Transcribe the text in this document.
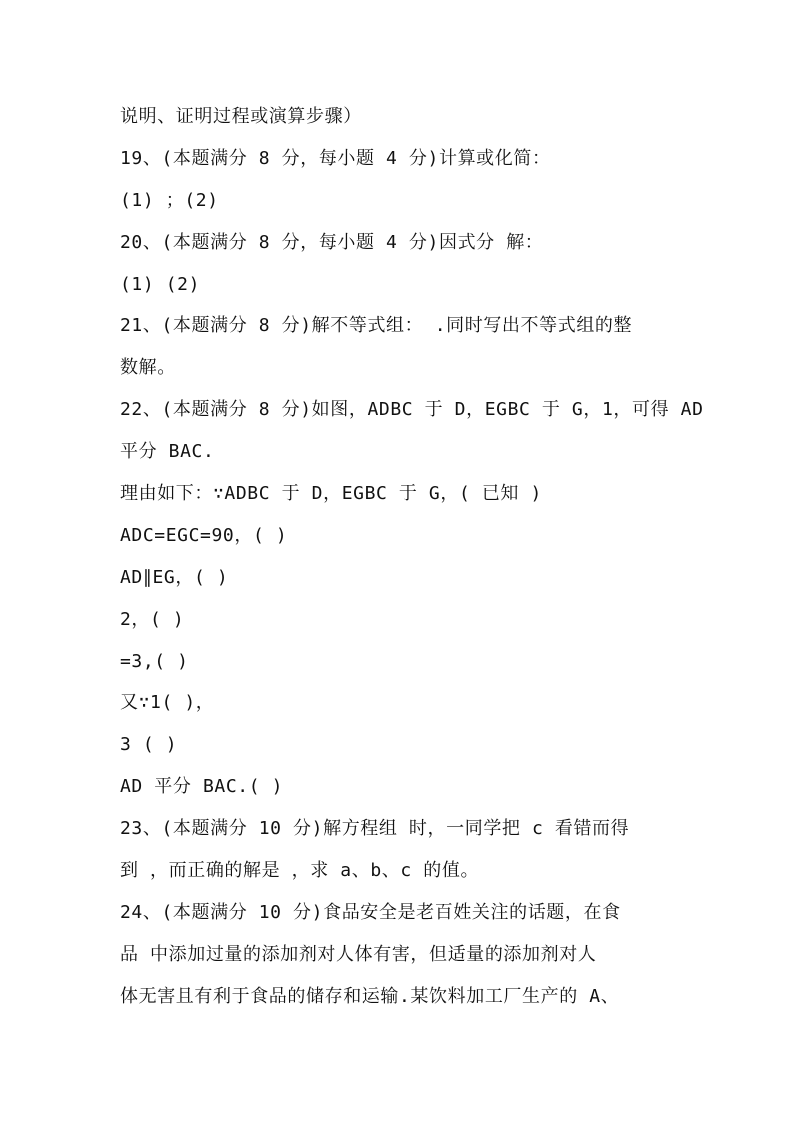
说明、证明过程或演算步骤）
19、(本题满分 8 分，每小题 4 分)计算或化简：
(1) ；(2)
20、(本题满分 8 分，每小题 4 分)因式分 解：
(1) (2)
21、(本题满分 8 分)解不等式组： .同时写出不等式组的整
数解。
22、(本题满分 8 分)如图，ADBC 于 D，EGBC 于 G，1，可得 AD
平分 BAC.
理由如下：∵ADBC 于 D，EGBC 于 G，( 已知 )
ADC=EGC=90，( )
AD∥EG，( )
2，( )
=3,( )
又∵1( )，
3 ( )
AD 平分 BAC.( )
23、(本题满分 10 分)解方程组 时，一同学把 c 看错而得
到 ，而正确的解是 ，求 a、b、c 的值。
24、(本题满分 10 分)食品安全是老百姓关注的话题，在食
品 中添加过量的添加剂对人体有害，但适量的添加剂对人
体无害且有利于食品的储存和运输.某饮料加工厂生产的 A、
